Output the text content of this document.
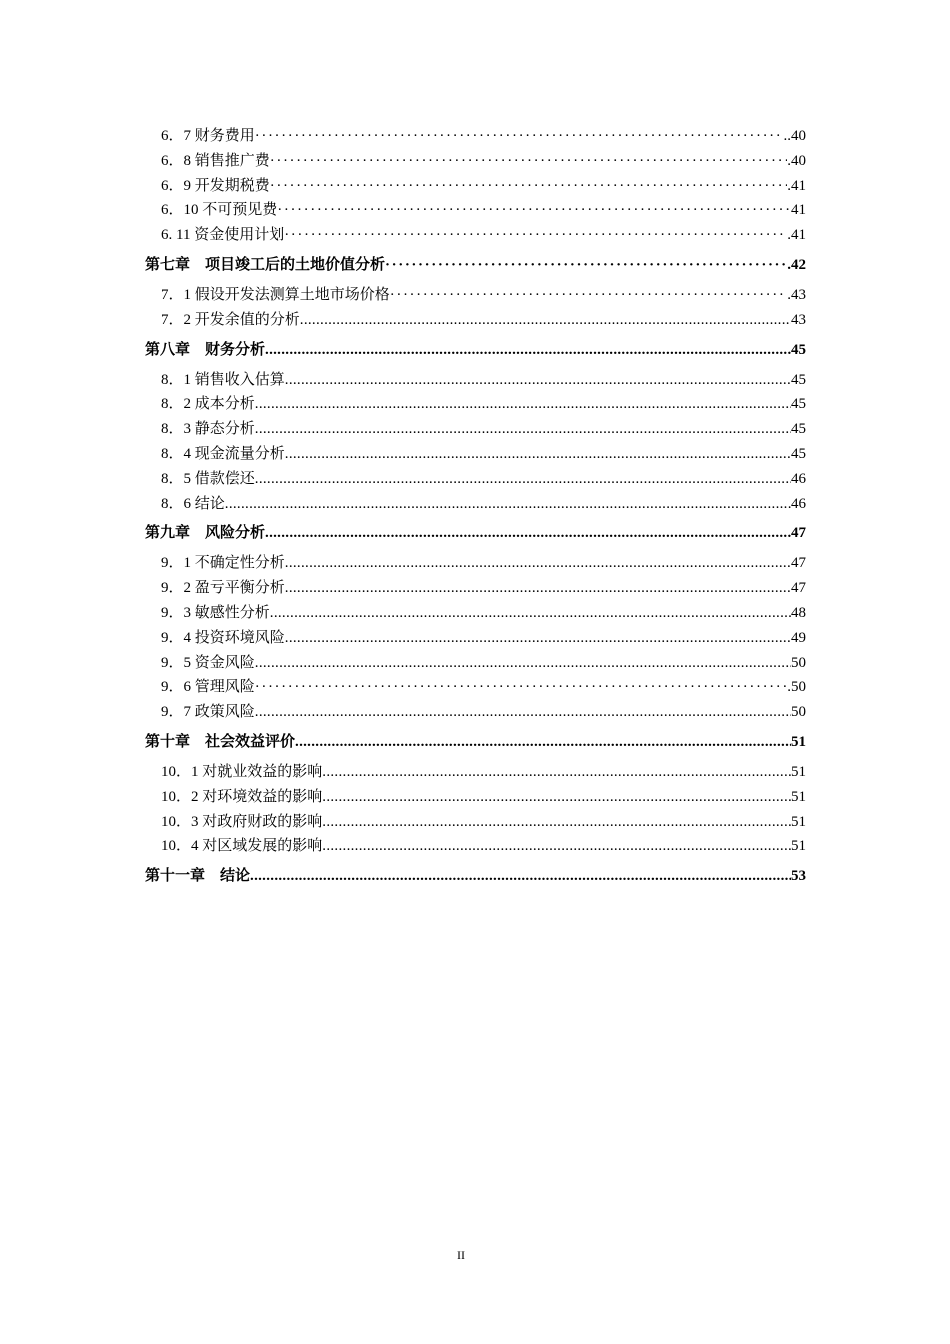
6．7 财务费用 ·····	..40
6．8 销售推广费 ·····	.40
6．9 开发期税费 ·····	.41
6．10 不可预见费 ·····	41
6. 11 资金使用计划 ·····	.41
第七章　项目竣工后的土地价值分析 ·····	.42
7．1 假设开发法测算土地市场价格 ·····	.43
7．2 开发余值的分析 .....	43
第八章　财务分析 .....	45
8．1 销售收入估算 .....	45
8．2 成本分析 .....	45
8．3 静态分析 .....	45
8．4 现金流量分析 .....	45
8．5 借款偿还 .....	46
8．6 结论 .....	46
第九章　风险分析 .....	47
9．1 不确定性分析 .....	47
9．2 盈亏平衡分析 .....	47
9．3 敏感性分析 .....	48
9．4 投资环境风险 .....	49
9．5 资金风险 .....	50
9．6 管理风险 ·····	.50
9．7 政策风险 .....	50
第十章　社会效益评价 .....	51
10．1 对就业效益的影响 .....	51
10．2 对环境效益的影响 .....	51
10．3 对政府财政的影响 .....	51
10．4 对区域发展的影响 .....	51
第十一章　结论 .....	53
II
